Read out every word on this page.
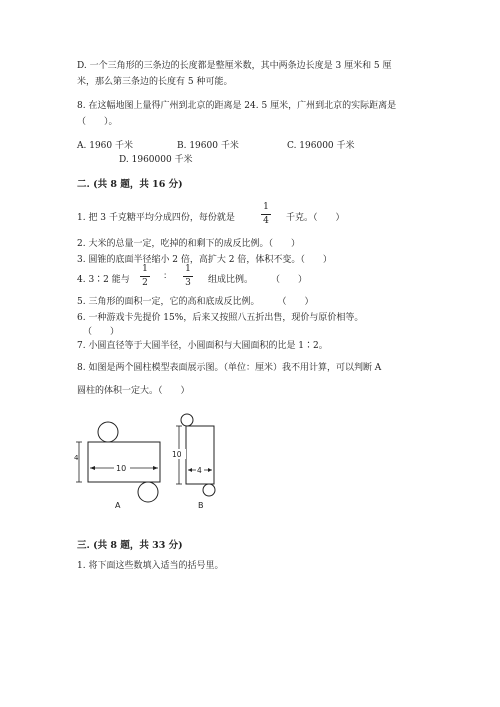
D. 一个三角形的三条边的长度都是整厘米数，其中两条边长度是 3 厘米和 5 厘
米，那么第三条边的长度有 5 种可能。
8. 在这幅地图上量得广州到北京的距离是 24. 5 厘米，广州到北京的实际距离是
（　　）。
A. 1960 千米	B. 19600 千米	C. 196000 千米
D. 1960000 千米
二. (共 8 题，共 16 分)
1. 把 3 千克糖平均分成四份，每份就是
1
4 千克。（　　）
2. 大米的总量一定，吃掉的和剩下的成反比例。（　　）
3. 圆锥的底面半径缩小 2 倍，高扩大 2 倍，体积不变。（　　）
4. 3∶2 能与
1
2
∶
1
3 组成比例。　　　（　　）
5. 三角形的面积一定，它的高和底成反比例。　　　（　　）
6. 一种游戏卡先提价 15%，后来又按照八五折出售，现价与原价相等。
（　　）
7. 小圆直径等于大圆半径，小圆面积与大圆面积的比是 1∶2。
8. 如图是两个圆柱模型表面展示图。（单位：厘米）我不用计算，可以判断 A
圆柱的体积一定大。（　　）
4
10
A
10
4
B
三. (共 8 题，共 33 分)
1. 将下面这些数填入适当的括号里。
